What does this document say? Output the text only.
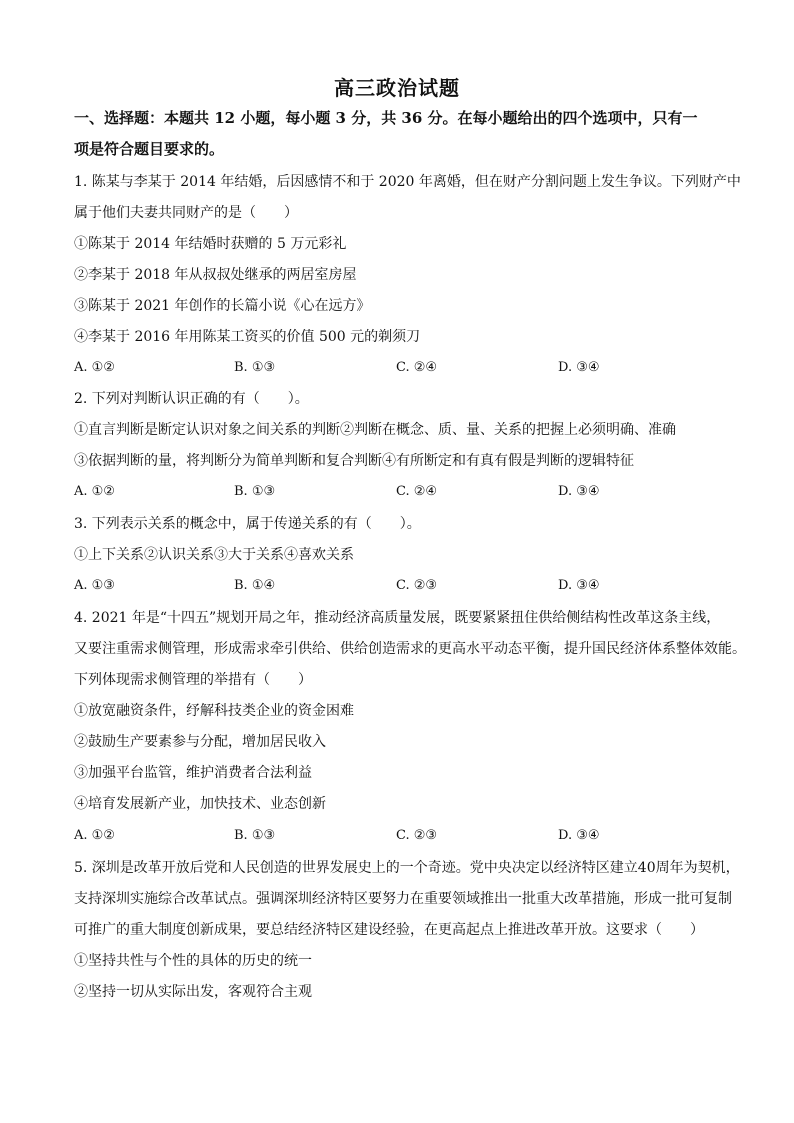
高三政治试题
一、选择题：本题共 12 小题，每小题 3 分，共 36 分。在每小题给出的四个选项中，只有一
项是符合题目要求的。
1. 陈某与李某于 2014 年结婚，后因感情不和于 2020 年离婚，但在财产分割问题上发生争议。下列财产中
属于他们夫妻共同财产的是（　　）
①陈某于 2014 年结婚时获赠的 5 万元彩礼
②李某于 2018 年从叔叔处继承的两居室房屋
③陈某于 2021 年创作的长篇小说《心在远方》
④李某于 2016 年用陈某工资买的价值 500 元的剃须刀
A. ①②	B. ①③	C. ②④	D. ③④
2. 下列对判断认识正确的有（　　）。
①直言判断是断定认识对象之间关系的判断②判断在概念、质、量、关系的把握上必须明确、准确
③依据判断的量，将判断分为简单判断和复合判断④有所断定和有真有假是判断的逻辑特征
A. ①②	B. ①③	C. ②④	D. ③④
3. 下列表示关系的概念中，属于传递关系的有（　　）。
①上下关系②认识关系③大于关系④喜欢关系
A. ①③	B. ①④	C. ②③	D. ③④
4. 2021 年是“十四五”规划开局之年，推动经济高质量发展，既要紧紧扭住供给侧结构性改革这条主线，
又要注重需求侧管理，形成需求牵引供给、供给创造需求的更高水平动态平衡，提升国民经济体系整体效能。
下列体现需求侧管理的举措有（　　）
①放宽融资条件，纾解科技类企业的资金困难
②鼓励生产要素参与分配，增加居民收入
③加强平台监管，维护消费者合法利益
④培育发展新产业，加快技术、业态创新
A. ①②	B. ①③	C. ②③	D. ③④
5. 深圳是改革开放后党和人民创造的世界发展史上的一个奇迹。党中央决定以经济特区建立40周年为契机，
支持深圳实施综合改革试点。强调深圳经济特区要努力在重要领域推出一批重大改革措施，形成一批可复制
可推广的重大制度创新成果，要总结经济特区建设经验，在更高起点上推进改革开放。这要求（　　）
①坚持共性与个性的具体的历史的统一
②坚持一切从实际出发，客观符合主观
